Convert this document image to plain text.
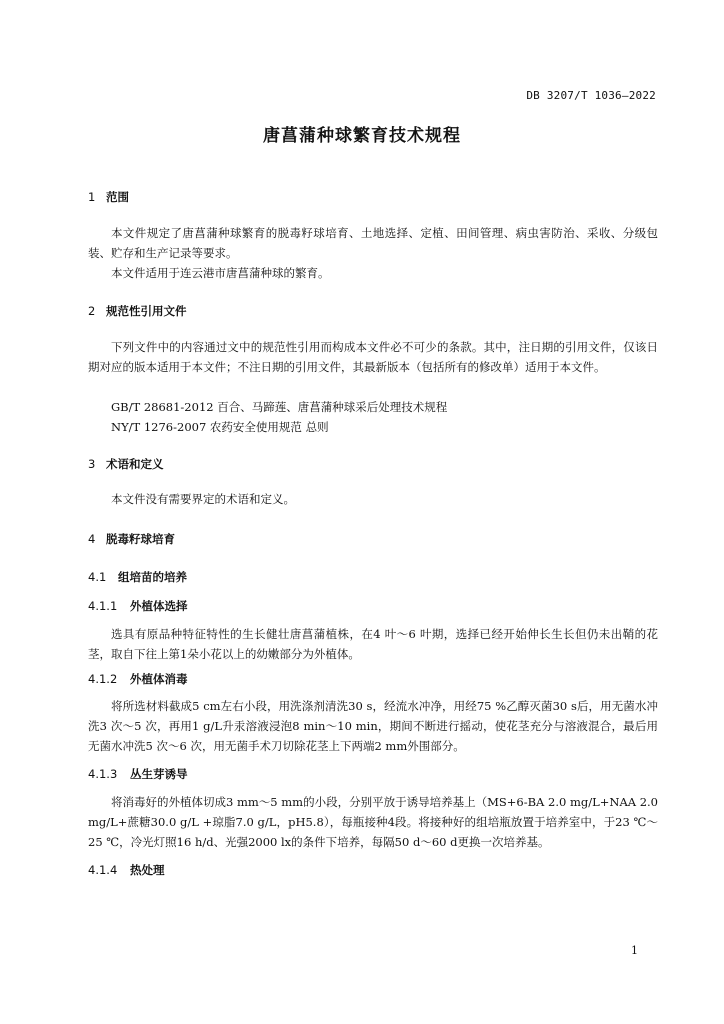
DB 3207/T 1036—2022
唐菖蒲种球繁育技术规程
1 范围
本文件规定了唐菖蒲种球繁育的脱毒籽球培育、土地选择、定植、田间管理、病虫害防治、采收、分级包装、贮存和生产记录等要求。
本文件适用于连云港市唐菖蒲种球的繁育。
2 规范性引用文件
下列文件中的内容通过文中的规范性引用而构成本文件必不可少的条款。其中，注日期的引用文件，仅该日期对应的版本适用于本文件；不注日期的引用文件，其最新版本（包括所有的修改单）适用于本文件。
GB/T 28681-2012 百合、马蹄莲、唐菖蒲种球采后处理技术规程
NY/T 1276-2007 农药安全使用规范 总则
3 术语和定义
本文件没有需要界定的术语和定义。
4 脱毒籽球培育
4.1 组培苗的培养
4.1.1 外植体选择
选具有原品种特征特性的生长健壮唐菖蒲植株，在4 叶～6 叶期，选择已经开始伸长生长但仍未出鞘的花茎，取自下往上第1朵小花以上的幼嫩部分为外植体。
4.1.2 外植体消毒
将所选材料截成5 cm左右小段，用洗涤剂清洗30 s，经流水冲净，用经75 %乙醇灭菌30 s后，用无菌水冲洗3 次～5 次，再用1 g/L升汞溶液浸泡8 min～10 min，期间不断进行摇动，使花茎充分与溶液混合，最后用无菌水冲洗5 次～6 次，用无菌手术刀切除花茎上下两端2 mm外围部分。
4.1.3 丛生芽诱导
将消毒好的外植体切成3 mm～5 mm的小段，分别平放于诱导培养基上（MS+6-BA 2.0 mg/L+NAA 2.0 mg/L+蔗糖30.0 g/L +琼脂7.0 g/L，pH5.8），每瓶接种4段。将接种好的组培瓶放置于培养室中，于23 ℃～25 ℃，冷光灯照16 h/d、光强2000 lx的条件下培养，每隔50 d～60 d更换一次培养基。
4.1.4 热处理
1
